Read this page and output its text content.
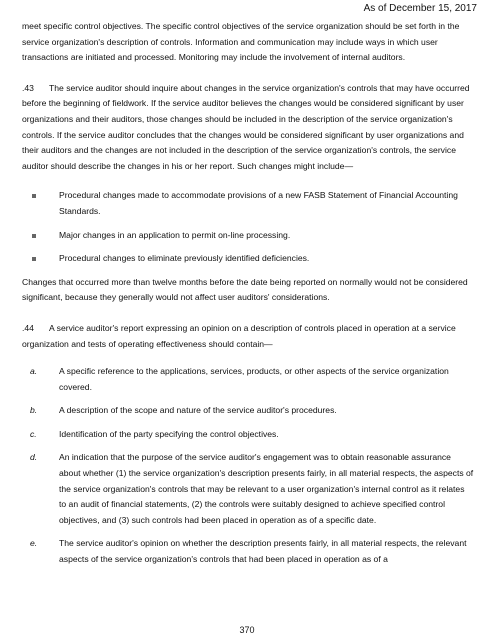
As of December 15, 2017

meet specific control objectives. The specific control objectives of the service organization should be set forth in the service organization's description of controls. Information and communication may include ways in which user transactions are initiated and processed. Monitoring may include the involvement of internal auditors.

.43 The service auditor should inquire about changes in the service organization's controls that may have occurred before the beginning of fieldwork. If the service auditor believes the changes would be considered significant by user organizations and their auditors, those changes should be included in the description of the service organization's controls. If the service auditor concludes that the changes would be considered significant by user organizations and their auditors and the changes are not included in the description of the service organization's controls, the service auditor should describe the changes in his or her report. Such changes might include—

Procedural changes made to accommodate provisions of a new FASB Statement of Financial Accounting Standards.
Major changes in an application to permit on-line processing.
Procedural changes to eliminate previously identified deficiencies.

Changes that occurred more than twelve months before the date being reported on normally would not be considered significant, because they generally would not affect user auditors' considerations.

.44 A service auditor's report expressing an opinion on a description of controls placed in operation at a service organization and tests of operating effectiveness should contain—

a.	A specific reference to the applications, services, products, or other aspects of the service organization covered.
b.	A description of the scope and nature of the service auditor's procedures.
c.	Identification of the party specifying the control objectives.
d.	An indication that the purpose of the service auditor's engagement was to obtain reasonable assurance about whether (1) the service organization's description presents fairly, in all material respects, the aspects of the service organization's controls that may be relevant to a user organization's internal control as it relates to an audit of financial statements, (2) the controls were suitably designed to achieve specified control objectives, and (3) such controls had been placed in operation as of a specific date.
e.	The service auditor's opinion on whether the description presents fairly, in all material respects, the relevant aspects of the service organization's controls that had been placed in operation as of a
370
